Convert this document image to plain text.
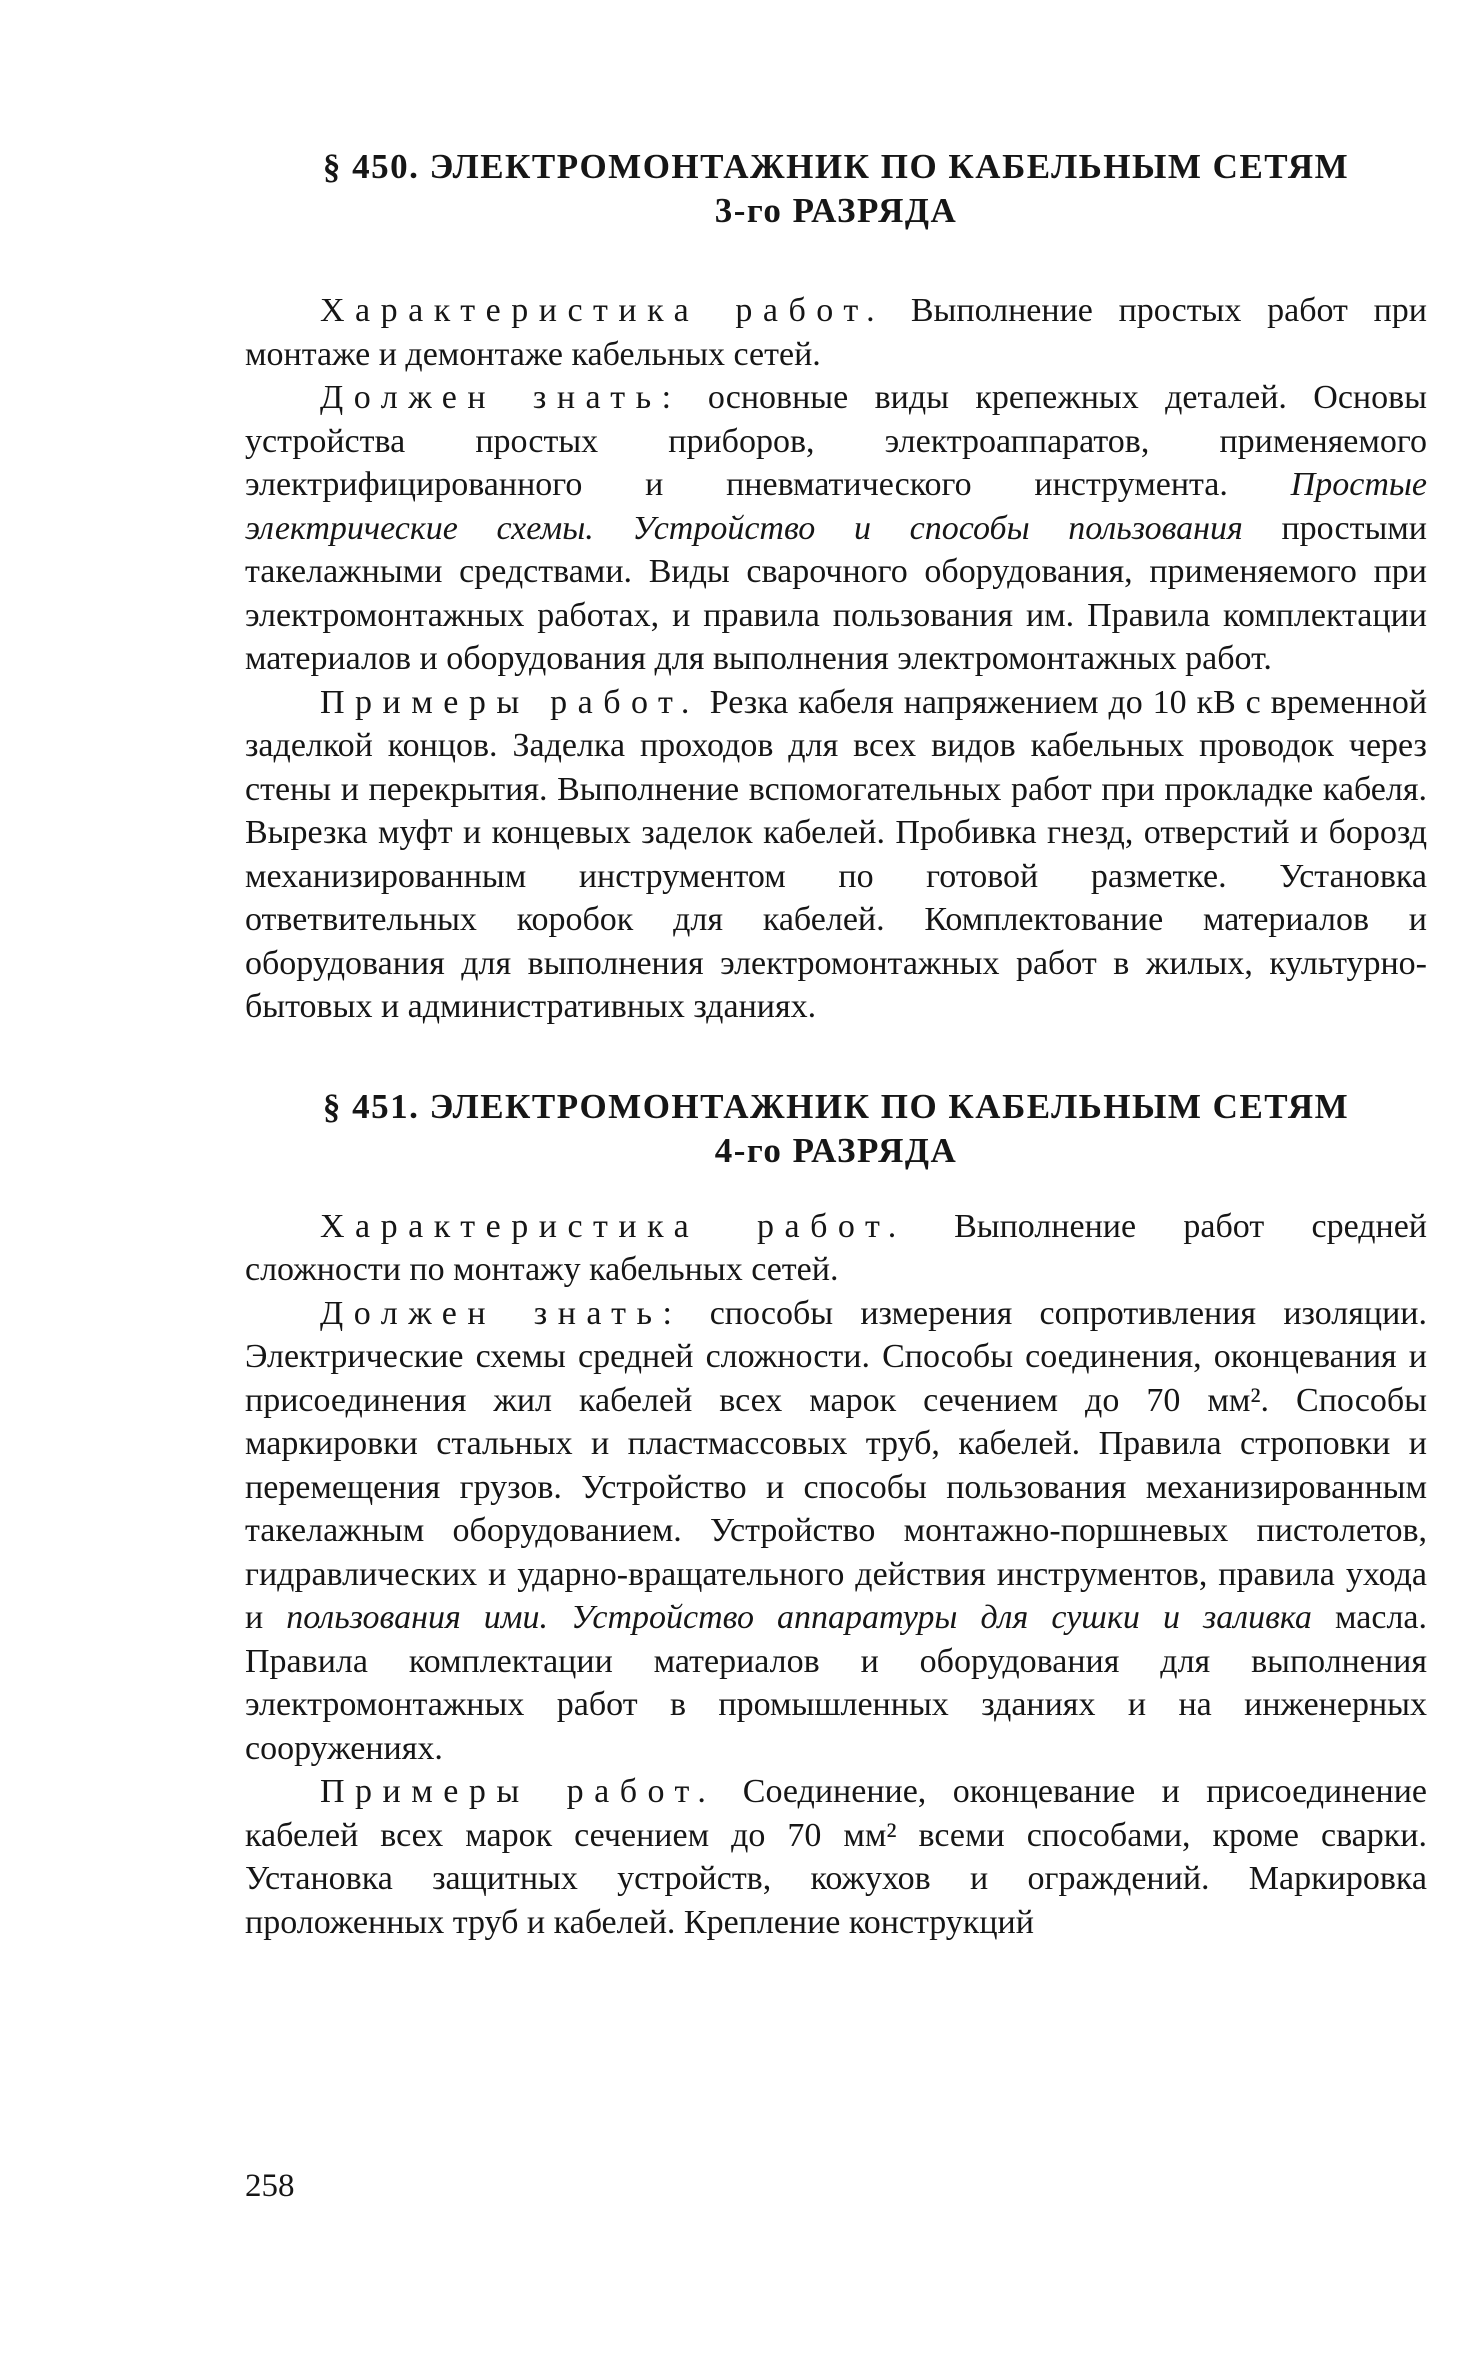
§ 450. ЭЛЕКТРОМОНТАЖНИК ПО КАБЕЛЬНЫМ СЕТЯМ
3-го РАЗРЯДА

Характеристика работ. Выполнение простых работ при монтаже и демонтаже кабельных сетей.

Должен знать: основные виды крепежных деталей. Основы устройства простых приборов, электроаппаратов, применяемого электрифицированного и пневматического инструмента. Простые электрические схемы. Устройство и способы пользования простыми такелажными средствами. Виды сварочного оборудования, применяемого при электромонтажных работах, и правила пользования им. Правила комплектации материалов и оборудования для выполнения электромонтажных работ.

Примеры работ. Резка кабеля напряжением до 10 кВ с временной заделкой концов. Заделка проходов для всех видов кабельных проводок через стены и перекрытия. Выполнение вспомогательных работ при прокладке кабеля. Вырезка муфт и концевых заделок кабелей. Пробивка гнезд, отверстий и борозд механизированным инструментом по готовой разметке. Установка ответвительных коробок для кабелей. Комплектование материалов и оборудования для выполнения электромонтажных работ в жилых, культурно-бытовых и административных зданиях.

§ 451. ЭЛЕКТРОМОНТАЖНИК ПО КАБЕЛЬНЫМ СЕТЯМ
4-го РАЗРЯДА

Характеристика работ. Выполнение работ средней сложности по монтажу кабельных сетей.

Должен знать: способы измерения сопротивления изоляции. Электрические схемы средней сложности. Способы соединения, оконцевания и присоединения жил кабелей всех марок сечением до 70 мм². Способы маркировки стальных и пластмассовых труб, кабелей. Правила строповки и перемещения грузов. Устройство и способы пользования механизированным такелажным оборудованием. Устройство монтажно-поршневых пистолетов, гидравлических и ударно-вращательного действия инструментов, правила ухода и пользования ими. Устройство аппаратуры для сушки и заливка масла. Правила комплектации материалов и оборудования для выполнения электромонтажных работ в промышленных зданиях и на инженерных сооружениях.

Примеры работ. Соединение, оконцевание и присоединение кабелей всех марок сечением до 70 мм² всеми способами, кроме сварки. Установка защитных устройств, кожухов и ограждений. Маркировка проложенных труб и кабелей. Крепление конструкций

258
